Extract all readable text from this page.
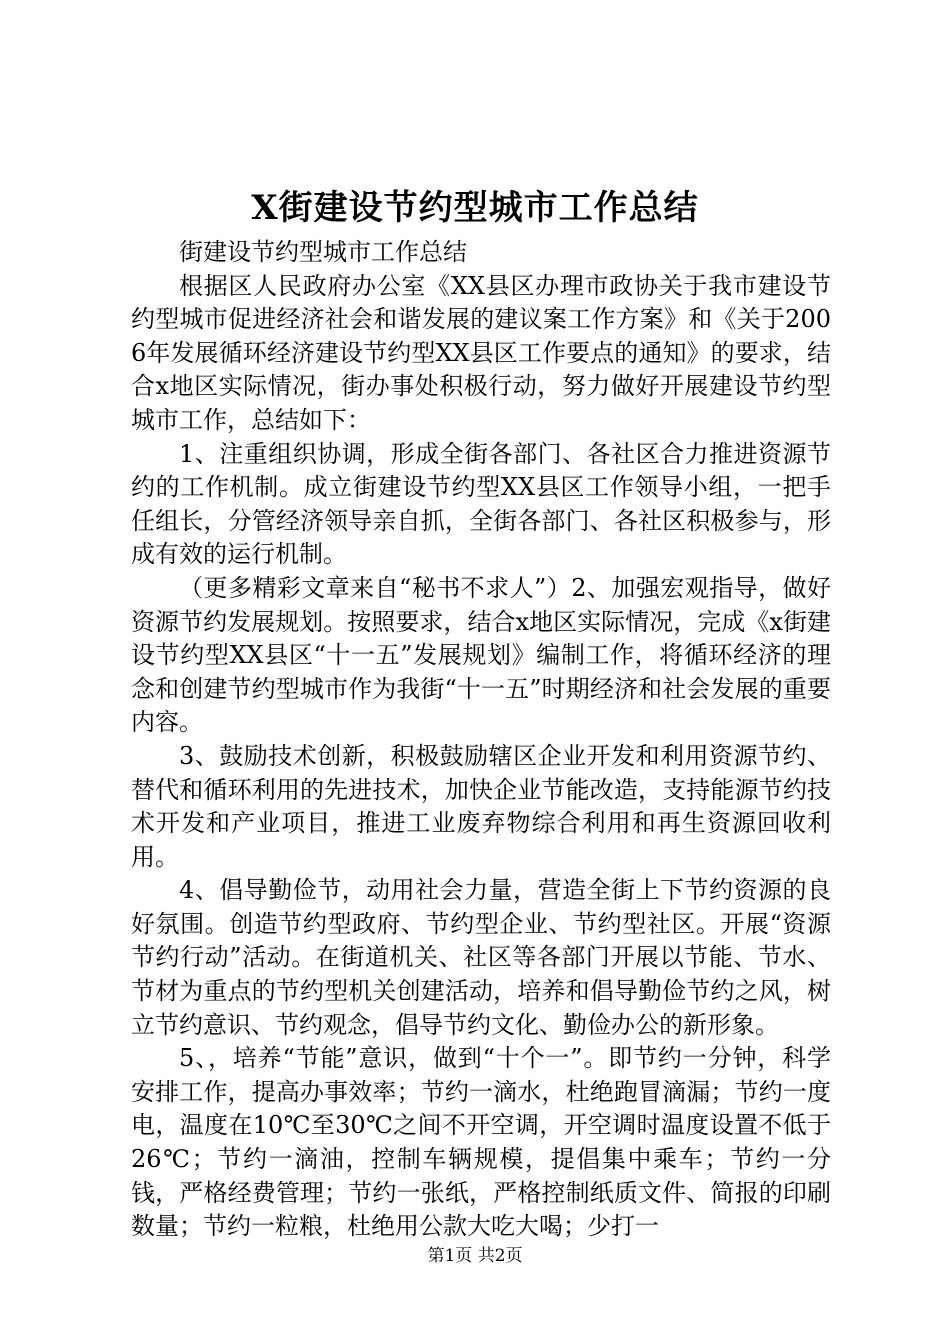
X街建设节约型城市工作总结

街建设节约型城市工作总结

根据区人民政府办公室《XX县区办理市政协关于我市建设节约型城市促进经济社会和谐发展的建议案工作方案》和《关于2006年发展循环经济建设节约型XX县区工作要点的通知》的要求，结合x地区实际情况，街办事处积极行动，努力做好开展建设节约型城市工作，总结如下：

1、注重组织协调，形成全街各部门、各社区合力推进资源节约的工作机制。成立街建设节约型XX县区工作领导小组，一把手任组长，分管经济领导亲自抓，全街各部门、各社区积极参与，形成有效的运行机制。

（更多精彩文章来自“秘书不求人”）2、加强宏观指导，做好资源节约发展规划。按照要求，结合x地区实际情况，完成《x街建设节约型XX县区“十一五”发展规划》编制工作，将循环经济的理念和创建节约型城市作为我街“十一五”时期经济和社会发展的重要内容。

3、鼓励技术创新，积极鼓励辖区企业开发和利用资源节约、替代和循环利用的先进技术，加快企业节能改造，支持能源节约技术开发和产业项目，推进工业废弃物综合利用和再生资源回收利用。

4、倡导勤俭节，动用社会力量，营造全街上下节约资源的良好氛围。创造节约型政府、节约型企业、节约型社区。开展“资源节约行动”活动。在街道机关、社区等各部门开展以节能、节水、节材为重点的节约型机关创建活动，培养和倡导勤俭节约之风，树立节约意识、节约观念，倡导节约文化、勤俭办公的新形象。

5、，培养“节能”意识，做到“十个一”。即节约一分钟，科学安排工作，提高办事效率；节约一滴水，杜绝跑冒滴漏；节约一度电，温度在10℃至30℃之间不开空调，开空调时温度设置不低于26℃；节约一滴油，控制车辆规模，提倡集中乘车；节约一分钱，严格经费管理；节约一张纸，严格控制纸质文件、简报的印刷数量；节约一粒粮，杜绝用公款大吃大喝；少打一

第1页 共2页
